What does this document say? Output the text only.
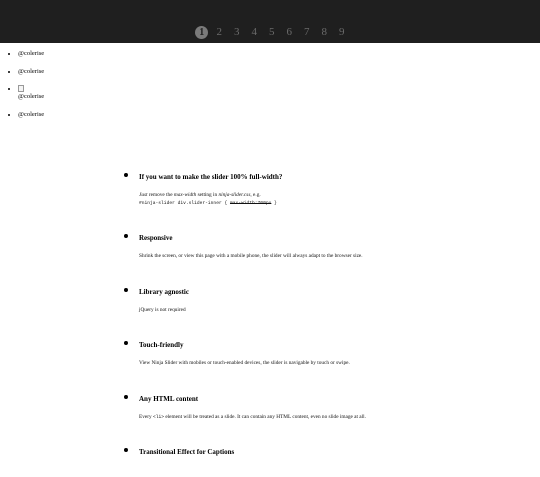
1	2	3	4	5	6	7	8	9
• @colerise
• @colerise

• @colerise
• @colerise
• If you want to make the slider 100% full-width?

Just remove the max-width setting in ninja-slider.css, e.g.
#ninja-slider div.slider-inner { max-width:700px }

• Responsive

Shrink the screen, or view this page with a mobile phone, the slider will always adapt to the browser size.

• Library agnostic

jQuery is not required

• Touch-friendly

View Ninja Slider with mobiles or touch-enabled devices, the slider is navigable by touch or swipe.

• Any HTML content

Every <li> element will be treated as a slide. It can contain any HTML content, even no slide image at all.

• Transitional Effect for Captions
